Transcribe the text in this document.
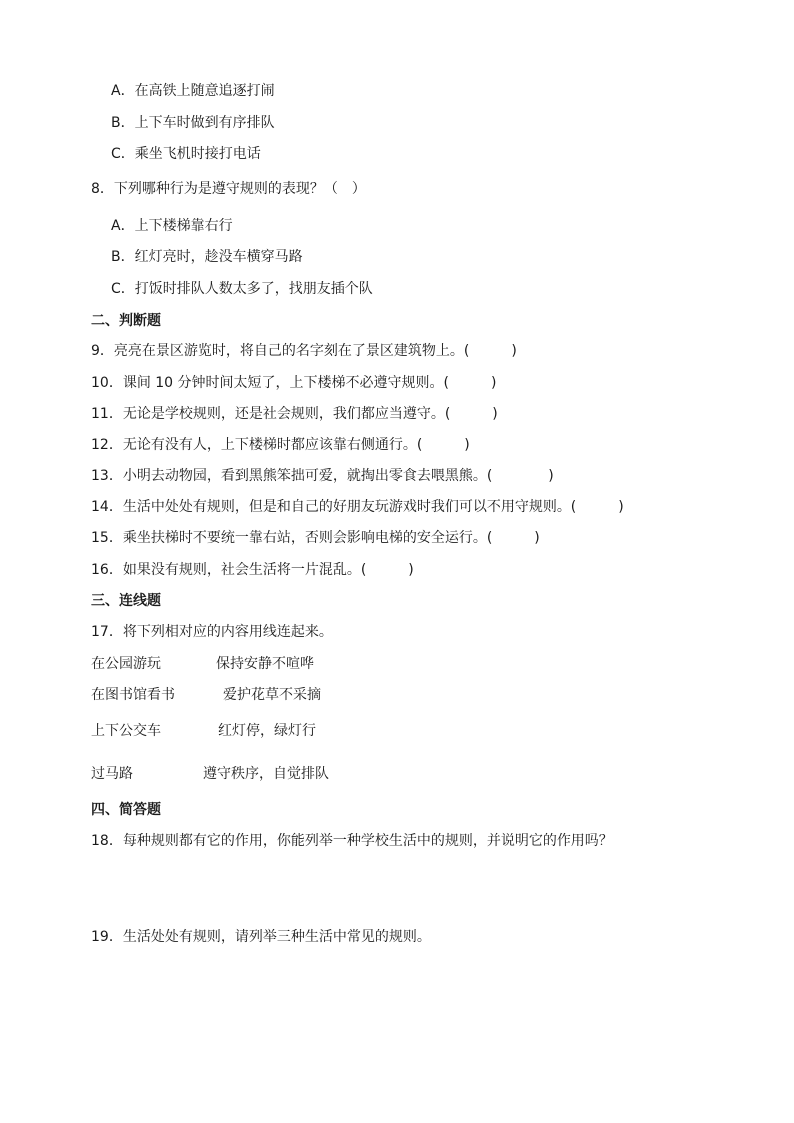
A．在高铁上随意追逐打闹
B．上下车时做到有序排队
C．乘坐飞机时接打电话
8．下列哪种行为是遵守规则的表现？（　）
A．上下楼梯靠右行
B．红灯亮时，趁没车横穿马路
C．打饭时排队人数太多了，找朋友插个队
二、判断题
9．亮亮在景区游览时，将自己的名字刻在了景区建筑物上。(　　　)
10．课间 10 分钟时间太短了，上下楼梯不必遵守规则。(　　　)
11．无论是学校规则，还是社会规则，我们都应当遵守。(　　　)
12．无论有没有人，上下楼梯时都应该靠右侧通行。(　　　)
13．小明去动物园，看到黑熊笨拙可爱，就掏出零食去喂黑熊。(　　　　)
14．生活中处处有规则，但是和自己的好朋友玩游戏时我们可以不用守规则。(　　　)
15．乘坐扶梯时不要统一靠右站，否则会影响电梯的安全运行。(　　　)
16．如果没有规则，社会生活将一片混乱。(　　　)
三、连线题
17．将下列相对应的内容用线连起来。
在公园游玩	保持安静不喧哗
在图书馆看书	爱护花草不采摘
上下公交车	红灯停，绿灯行
过马路	遵守秩序，自觉排队
四、简答题
18．每种规则都有它的作用，你能列举一种学校生活中的规则，并说明它的作用吗？
19．生活处处有规则，请列举三种生活中常见的规则。
